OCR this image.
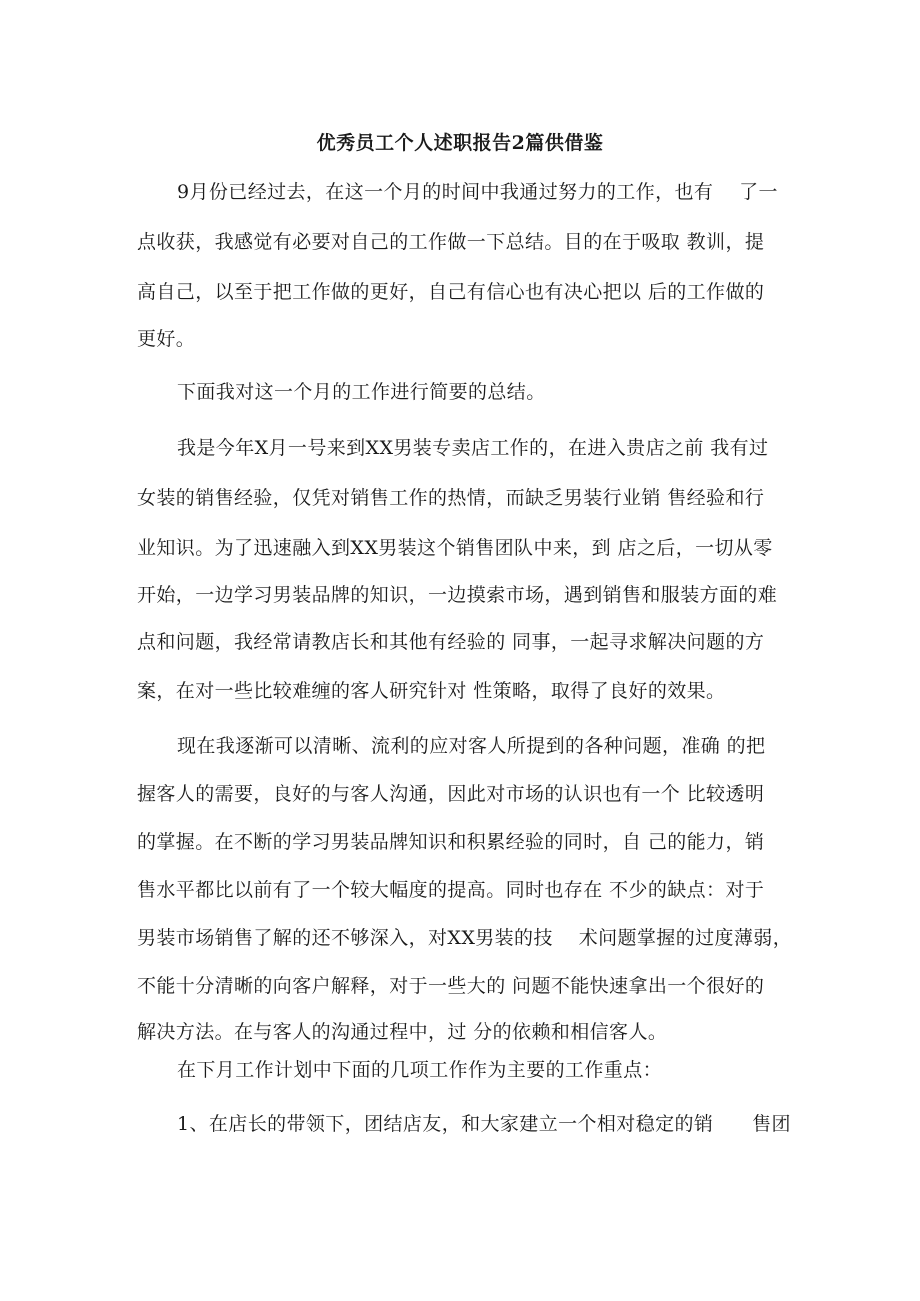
优秀员工个人述职报告2篇供借鉴
9月份已经过去，在这一个月的时间中我通过努力的工作，也有　 了一
点收获，我感觉有必要对自己的工作做一下总结。目的在于吸取 教训，提
高自己，以至于把工作做的更好，自己有信心也有决心把以 后的工作做的
更好。
下面我对这一个月的工作进行简要的总结。
我是今年X月一号来到XX男装专卖店工作的，在进入贵店之前 我有过
女装的销售经验，仅凭对销售工作的热情，而缺乏男装行业销 售经验和行
业知识。为了迅速融入到XX男装这个销售团队中来，到 店之后，一切从零
开始，一边学习男装品牌的知识，一边摸索市场，遇到销售和服装方面的难
点和问题，我经常请教店长和其他有经验的 同事，一起寻求解决问题的方
案，在对一些比较难缠的客人研究针对 性策略，取得了良好的效果。
现在我逐渐可以清晰、流利的应对客人所提到的各种问题，准确 的把
握客人的需要，良好的与客人沟通，因此对市场的认识也有一个 比较透明
的掌握。在不断的学习男装品牌知识和积累经验的同时，自 己的能力，销
售水平都比以前有了一个较大幅度的提高。同时也存在 不少的缺点：对于
男装市场销售了解的还不够深入，对XX男装的技　 术问题掌握的过度薄弱，
不能十分清晰的向客户解释，对于一些大的 问题不能快速拿出一个很好的
解决方法。在与客人的沟通过程中，过 分的依赖和相信客人。
在下月工作计划中下面的几项工作作为主要的工作重点：
1、在店长的带领下，团结店友，和大家建立一个相对稳定的销　　售团
